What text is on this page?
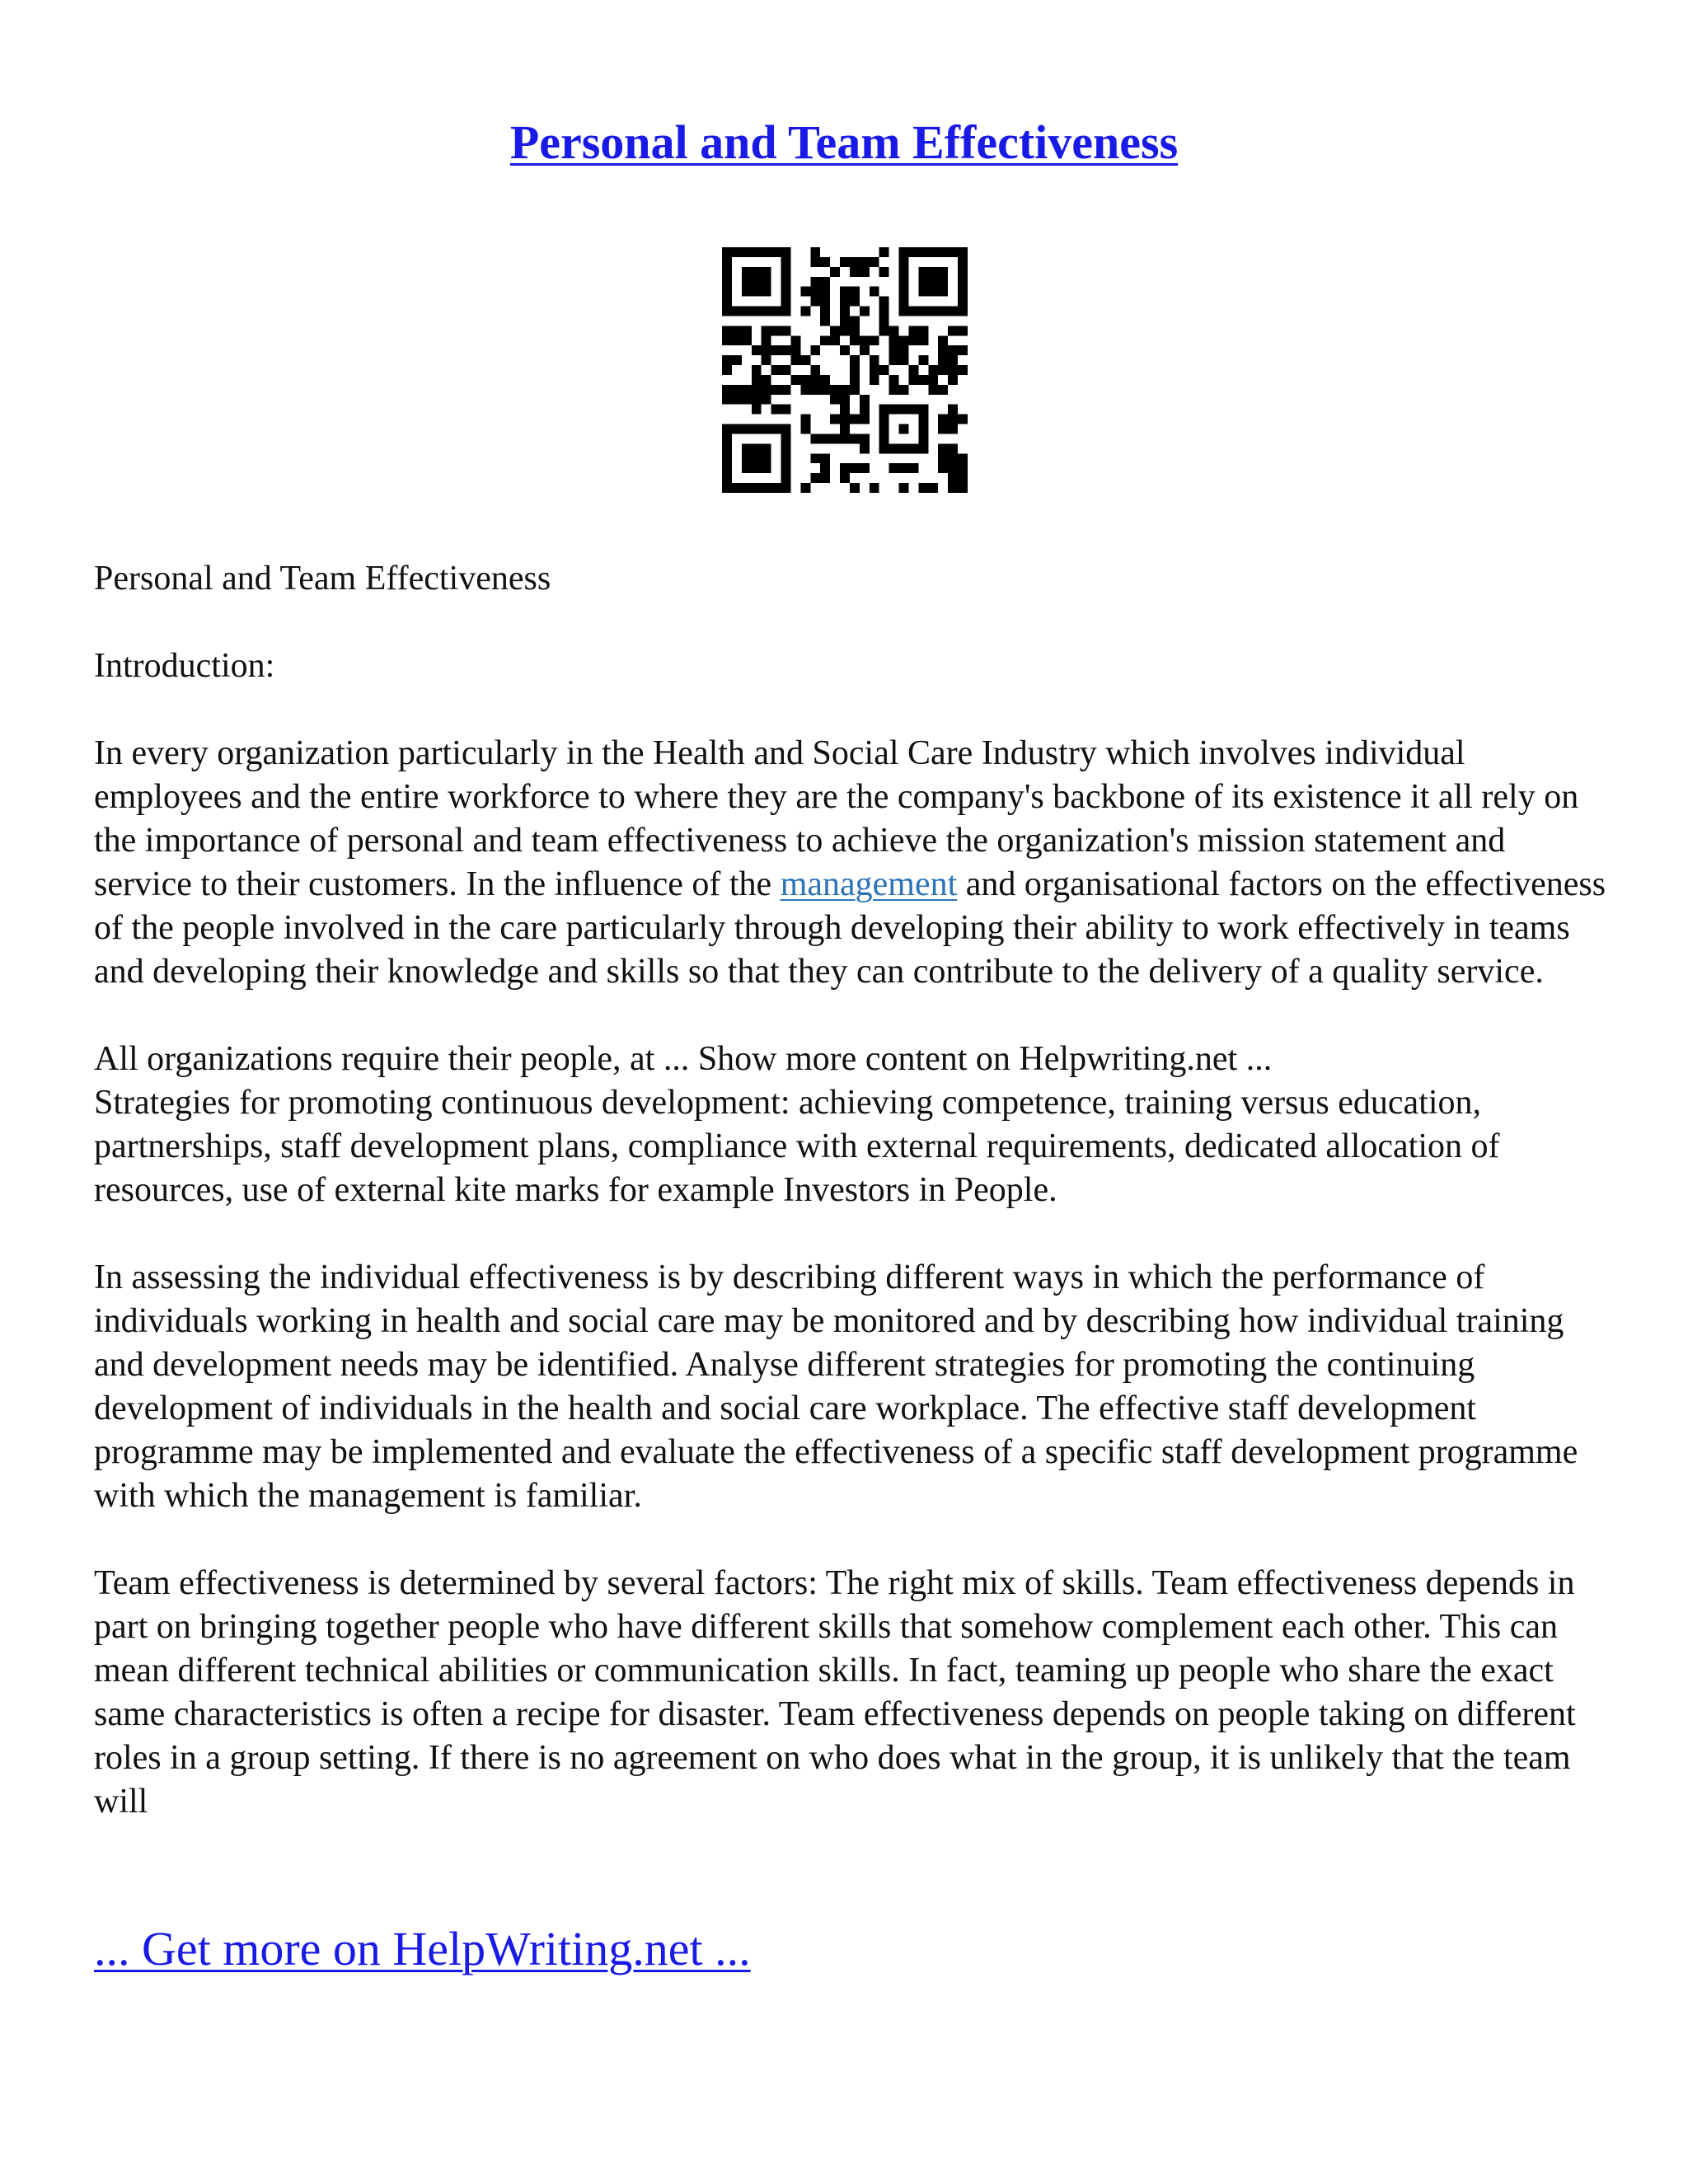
Personal and Team Effectiveness

Personal and Team Effectiveness

Introduction:

In every organization particularly in the Health and Social Care Industry which involves individual employees and the entire workforce to where they are the company's backbone of its existence it all rely on the importance of personal and team effectiveness to achieve the organization's mission statement and service to their customers. In the influence of the management and organisational factors on the effectiveness of the people involved in the care particularly through developing their ability to work effectively in teams and developing their knowledge and skills so that they can contribute to the delivery of a quality service.

All organizations require their people, at ... Show more content on Helpwriting.net ...
Strategies for promoting continuous development: achieving competence, training versus education, partnerships, staff development plans, compliance with external requirements, dedicated allocation of resources, use of external kite marks for example Investors in People.

In assessing the individual effectiveness is by describing different ways in which the performance of individuals working in health and social care may be monitored and by describing how individual training and development needs may be identified. Analyse different strategies for promoting the continuing development of individuals in the health and social care workplace. The effective staff development programme may be implemented and evaluate the effectiveness of a specific staff development programme with which the management is familiar.

Team effectiveness is determined by several factors: The right mix of skills. Team effectiveness depends in part on bringing together people who have different skills that somehow complement each other. This can mean different technical abilities or communication skills. In fact, teaming up people who share the exact same characteristics is often a recipe for disaster. Team effectiveness depends on people taking on different roles in a group setting. If there is no agreement on who does what in the group, it is unlikely that the team will

... Get more on HelpWriting.net ...
